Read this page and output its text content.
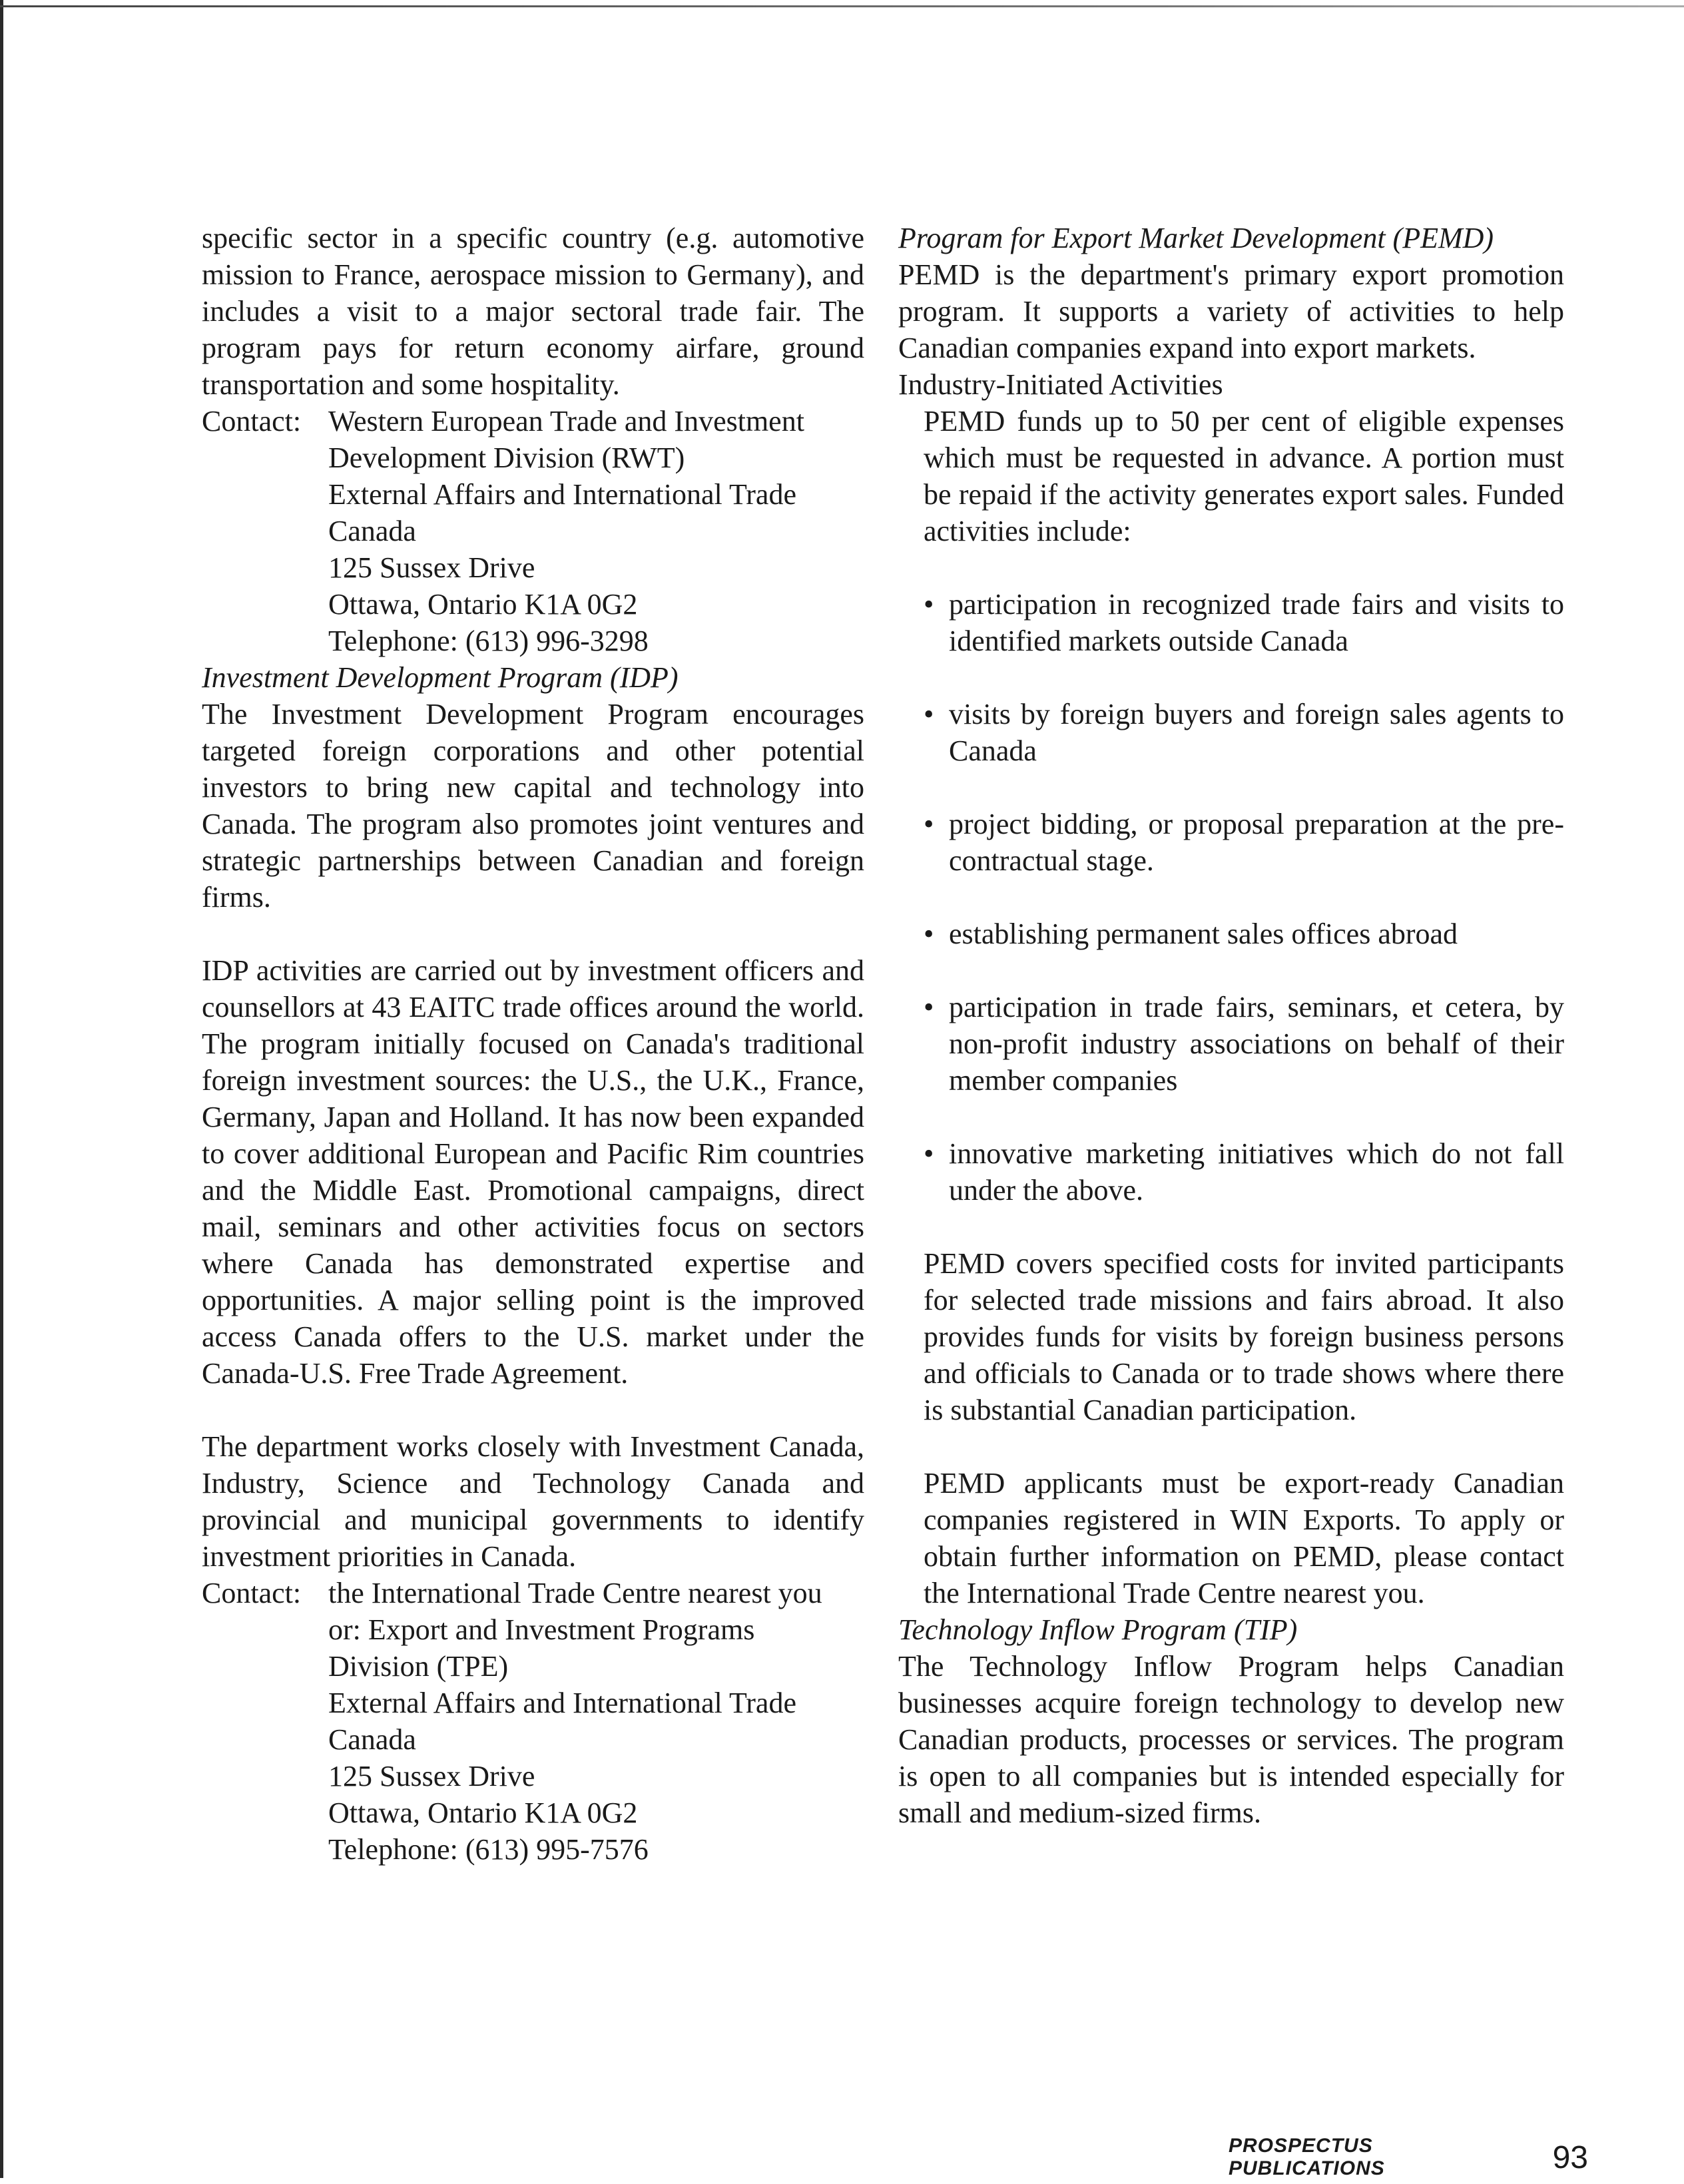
specific sector in a specific country (e.g. automotive mission to France, aerospace mission to Germany), and includes a visit to a major sectoral trade fair. The program pays for return economy airfare, ground transportation and some hospitality.

Contact: Western European Trade and Investment
Development Division (RWT)
External Affairs and International Trade
Canada
125 Sussex Drive
Ottawa, Ontario K1A 0G2
Telephone: (613) 996-3298
Investment Development Program (IDP)

The Investment Development Program encourages targeted foreign corporations and other potential investors to bring new capital and technology into Canada. The program also promotes joint ventures and strategic partnerships between Canadian and foreign firms.

IDP activities are carried out by investment officers and counsellors at 43 EAITC trade offices around the world. The program initially focused on Canada's traditional foreign investment sources: the U.S., the U.K., France, Germany, Japan and Holland. It has now been expanded to cover additional European and Pacific Rim countries and the Middle East. Promotional campaigns, direct mail, seminars and other activities focus on sectors where Canada has demonstrated expertise and opportunities. A major selling point is the improved access Canada offers to the U.S. market under the Canada-U.S. Free Trade Agreement.

The department works closely with Investment Canada, Industry, Science and Technology Canada and provincial and municipal governments to identify investment priorities in Canada.

Contact: the International Trade Centre nearest you
or: Export and Investment Programs
Division (TPE)
External Affairs and International Trade
Canada
125 Sussex Drive
Ottawa, Ontario K1A 0G2
Telephone: (613) 995-7576
Program for Export Market Development (PEMD)

PEMD is the department's primary export promotion program. It supports a variety of activities to help Canadian companies expand into export markets.

Industry-Initiated Activities

PEMD funds up to 50 per cent of eligible expenses which must be requested in advance. A portion must be repaid if the activity generates export sales. Funded activities include:

• participation in recognized trade fairs and visits to identified markets outside Canada
• visits by foreign buyers and foreign sales agents to Canada
• project bidding, or proposal preparation at the pre-contractual stage.
• establishing permanent sales offices abroad
• participation in trade fairs, seminars, et cetera, by non-profit industry associations on behalf of their member companies
• innovative marketing initiatives which do not fall under the above.

PEMD covers specified costs for invited participants for selected trade missions and fairs abroad. It also provides funds for visits by foreign business persons and officials to Canada or to trade shows where there is substantial Canadian participation.

PEMD applicants must be export-ready Canadian companies registered in WIN Exports. To apply or obtain further information on PEMD, please contact the International Trade Centre nearest you.

Technology Inflow Program (TIP)

The Technology Inflow Program helps Canadian businesses acquire foreign technology to develop new Canadian products, processes or services. The program is open to all companies but is intended especially for small and medium-sized firms.

PROSPECTUS PUBLICATIONS	93
